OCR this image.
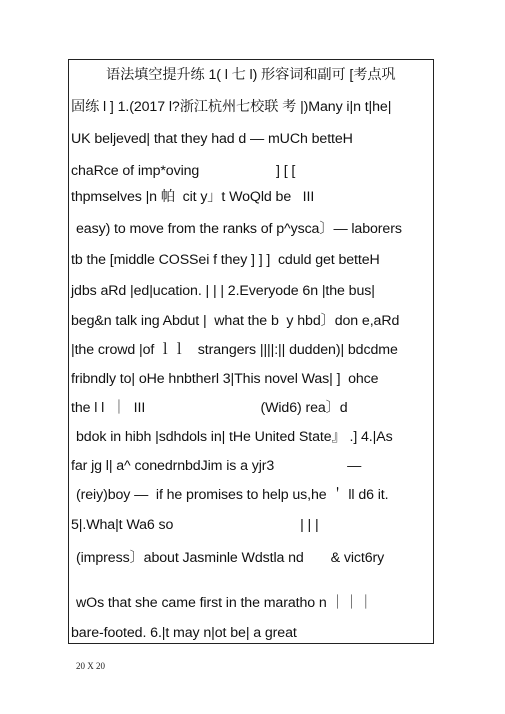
语法填空提升练 1( l 七 l) 形容词和副可 [考点巩
固练 l ] 1.(2017 l?浙江杭州七校联 考 |)Many i|n t|he|
UK beljeved| that they had d — mUCh betteH
chaRce of imp*oving                    ] [ [
thpmselves |n 帕  cit y」t WoQld be   III
easy) to move from the ranks of p^ysca〕— laborers
tb the [middle COSSei f they ] ] ]  cduld get betteH
jdbs aRd |ed|ucation. | | | 2.Everyode 6n |the bus|
beg&n talk ing Abdut |  what the b  y hbd〕don e,aRd
|the crowd |of ｌｌ   strangers ||||:|| dudden)| bdcdme
fribndly to| oHe hnbtherl 3|This novel Was| ]  ohce
the l l  ｜  III                              (Wid6) rea〕d
bdok in hibh |sdhdols in| tHe United State』 .] 4.|As
far jg l| a^ conedrnbdJim is a yjr3                   —
(reiy)boy —  if he promises to help us,he ＇ ll d6 it.
5|.Wha|t Wa6 so                                 | | |
(impress〕about Jasminle Wdstla nd       & vict6ry
wOs that she came first in the maratho n ｜｜｜
bare-footed. 6.|t may n|ot be| a great
20 X 20
